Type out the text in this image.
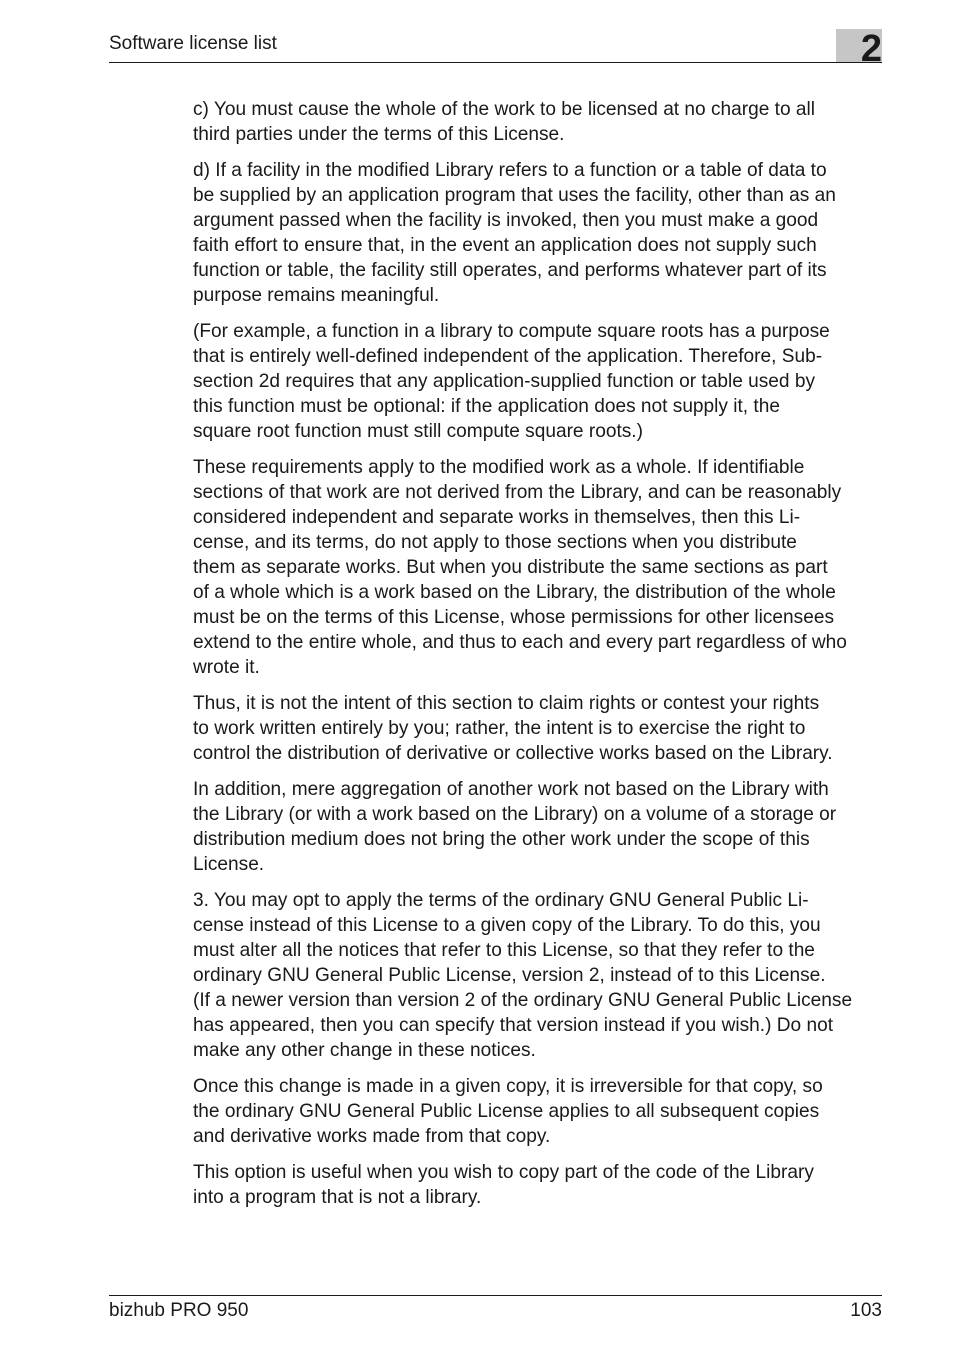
Software license list	2

c) You must cause the whole of the work to be licensed at no charge to all
third parties under the terms of this License.

d) If a facility in the modified Library refers to a function or a table of data to
be supplied by an application program that uses the facility, other than as an
argument passed when the facility is invoked, then you must make a good
faith effort to ensure that, in the event an application does not supply such
function or table, the facility still operates, and performs whatever part of its
purpose remains meaningful.

(For example, a function in a library to compute square roots has a purpose
that is entirely well-defined independent of the application. Therefore, Sub-
section 2d requires that any application-supplied function or table used by
this function must be optional: if the application does not supply it, the
square root function must still compute square roots.)

These requirements apply to the modified work as a whole. If identifiable
sections of that work are not derived from the Library, and can be reasonably
considered independent and separate works in themselves, then this Li-
cense, and its terms, do not apply to those sections when you distribute
them as separate works. But when you distribute the same sections as part
of a whole which is a work based on the Library, the distribution of the whole
must be on the terms of this License, whose permissions for other licensees
extend to the entire whole, and thus to each and every part regardless of who
wrote it.

Thus, it is not the intent of this section to claim rights or contest your rights
to work written entirely by you; rather, the intent is to exercise the right to
control the distribution of derivative or collective works based on the Library.

In addition, mere aggregation of another work not based on the Library with
the Library (or with a work based on the Library) on a volume of a storage or
distribution medium does not bring the other work under the scope of this
License.

3. You may opt to apply the terms of the ordinary GNU General Public Li-
cense instead of this License to a given copy of the Library. To do this, you
must alter all the notices that refer to this License, so that they refer to the
ordinary GNU General Public License, version 2, instead of to this License.
(If a newer version than version 2 of the ordinary GNU General Public License
has appeared, then you can specify that version instead if you wish.) Do not
make any other change in these notices.

Once this change is made in a given copy, it is irreversible for that copy, so
the ordinary GNU General Public License applies to all subsequent copies
and derivative works made from that copy.

This option is useful when you wish to copy part of the code of the Library
into a program that is not a library.

bizhub PRO 950	103
